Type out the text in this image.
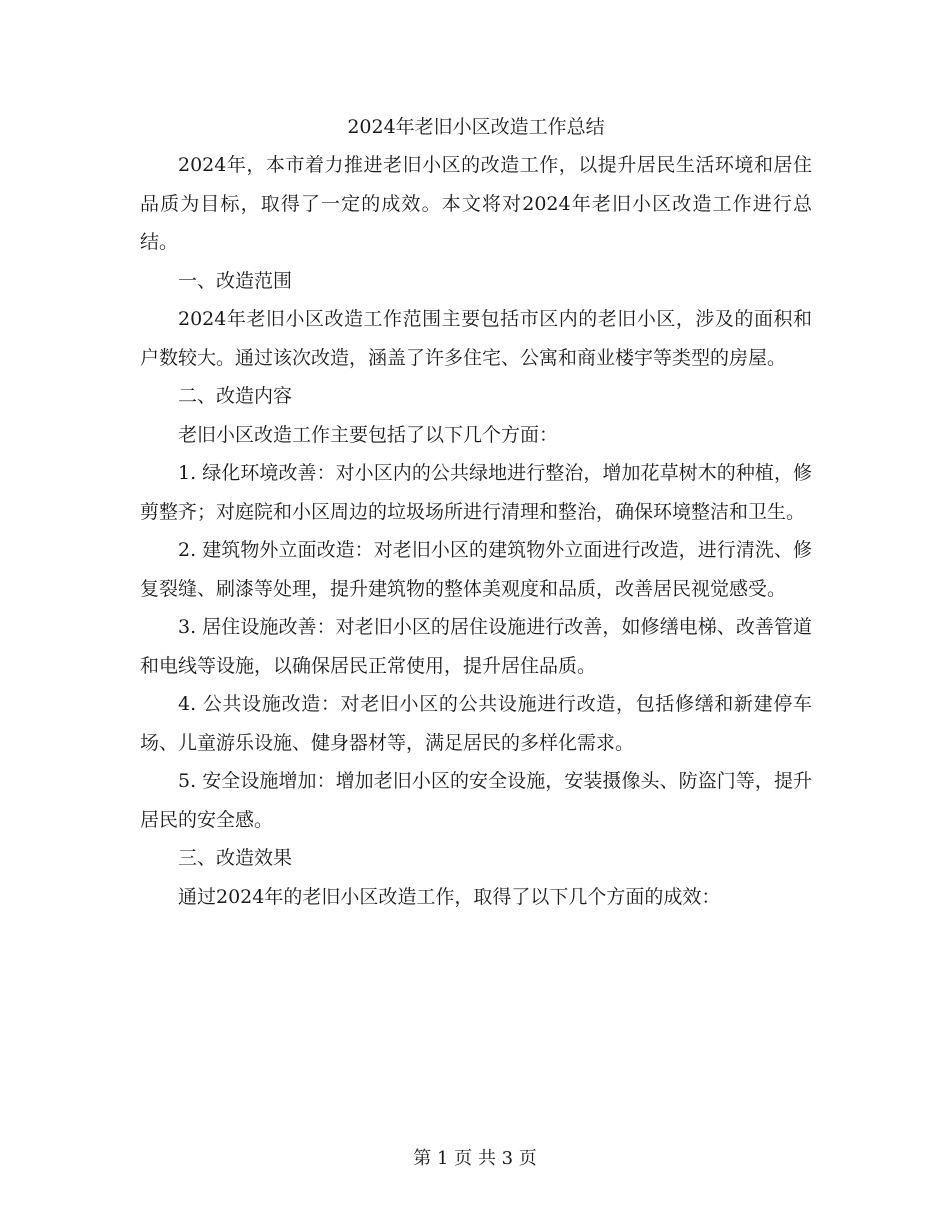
2024年老旧小区改造工作总结

2024年，本市着力推进老旧小区的改造工作，以提升居民生活环境和居住品质为目标，取得了一定的成效。本文将对2024年老旧小区改造工作进行总结。

一、改造范围

2024年老旧小区改造工作范围主要包括市区内的老旧小区，涉及的面积和户数较大。通过该次改造，涵盖了许多住宅、公寓和商业楼宇等类型的房屋。

二、改造内容

老旧小区改造工作主要包括了以下几个方面：

1. 绿化环境改善：对小区内的公共绿地进行整治，增加花草树木的种植，修剪整齐；对庭院和小区周边的垃圾场所进行清理和整治，确保环境整洁和卫生。

2. 建筑物外立面改造：对老旧小区的建筑物外立面进行改造，进行清洗、修复裂缝、刷漆等处理，提升建筑物的整体美观度和品质，改善居民视觉感受。

3. 居住设施改善：对老旧小区的居住设施进行改善，如修缮电梯、改善管道和电线等设施，以确保居民正常使用，提升居住品质。

4. 公共设施改造：对老旧小区的公共设施进行改造，包括修缮和新建停车场、儿童游乐设施、健身器材等，满足居民的多样化需求。

5. 安全设施增加：增加老旧小区的安全设施，安装摄像头、防盗门等，提升居民的安全感。

三、改造效果

通过2024年的老旧小区改造工作，取得了以下几个方面的成效：

第 1 页 共 3 页
